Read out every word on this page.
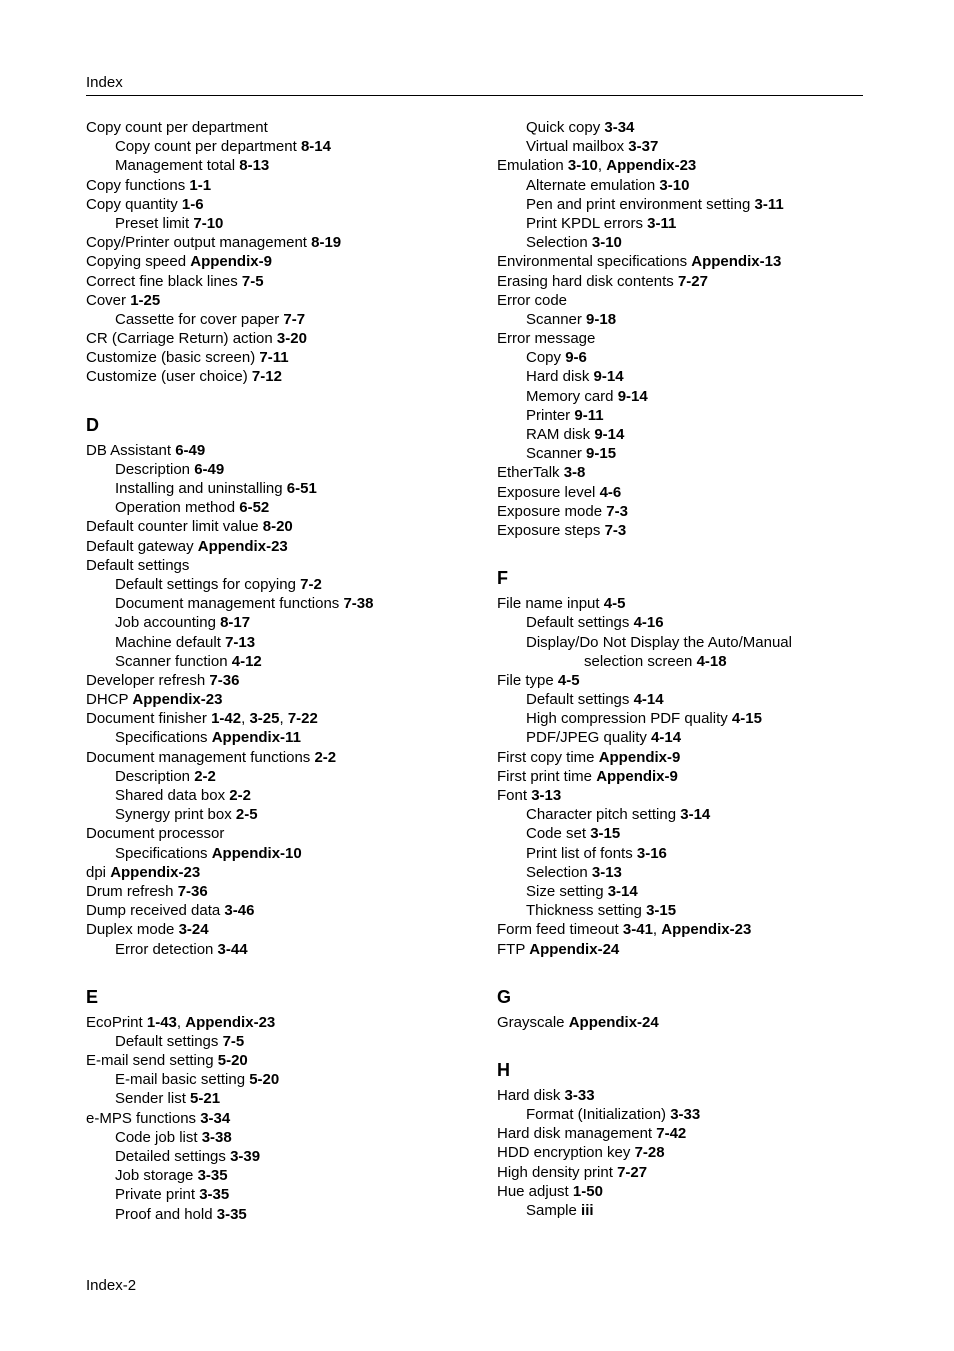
Index
Copy count per department
Copy count per department 8-14
Management total 8-13
Copy functions 1-1
Copy quantity 1-6
Preset limit 7-10
Copy/Printer output management 8-19
Copying speed Appendix-9
Correct fine black lines 7-5
Cover 1-25
Cassette for cover paper 7-7
CR (Carriage Return) action 3-20
Customize (basic screen) 7-11
Customize (user choice) 7-12
D
DB Assistant 6-49
Description 6-49
Installing and uninstalling 6-51
Operation method 6-52
Default counter limit value 8-20
Default gateway Appendix-23
Default settings
Default settings for copying 7-2
Document management functions 7-38
Job accounting 8-17
Machine default 7-13
Scanner function 4-12
Developer refresh 7-36
DHCP Appendix-23
Document finisher 1-42, 3-25, 7-22
Specifications Appendix-11
Document management functions 2-2
Description 2-2
Shared data box 2-2
Synergy print box 2-5
Document processor
Specifications Appendix-10
dpi Appendix-23
Drum refresh 7-36
Dump received data 3-46
Duplex mode 3-24
Error detection 3-44
E
EcoPrint 1-43, Appendix-23
Default settings 7-5
E-mail send setting 5-20
E-mail basic setting 5-20
Sender list 5-21
e-MPS functions 3-34
Code job list 3-38
Detailed settings 3-39
Job storage 3-35
Private print 3-35
Proof and hold 3-35
Quick copy 3-34
Virtual mailbox 3-37
Emulation 3-10, Appendix-23
Alternate emulation 3-10
Pen and print environment setting 3-11
Print KPDL errors 3-11
Selection 3-10
Environmental specifications Appendix-13
Erasing hard disk contents 7-27
Error code
Scanner 9-18
Error message
Copy 9-6
Hard disk 9-14
Memory card 9-14
Printer 9-11
RAM disk 9-14
Scanner 9-15
EtherTalk 3-8
Exposure level 4-6
Exposure mode 7-3
Exposure steps 7-3
F
File name input 4-5
Default settings 4-16
Display/Do Not Display the Auto/Manual
selection screen 4-18
File type 4-5
Default settings 4-14
High compression PDF quality 4-15
PDF/JPEG quality 4-14
First copy time Appendix-9
First print time Appendix-9
Font 3-13
Character pitch setting 3-14
Code set 3-15
Print list of fonts 3-16
Selection 3-13
Size setting 3-14
Thickness setting 3-15
Form feed timeout 3-41, Appendix-23
FTP Appendix-24
G
Grayscale Appendix-24
H
Hard disk 3-33
Format (Initialization) 3-33
Hard disk management 7-42
HDD encryption key 7-28
High density print 7-27
Hue adjust 1-50
Sample iii
Index-2
